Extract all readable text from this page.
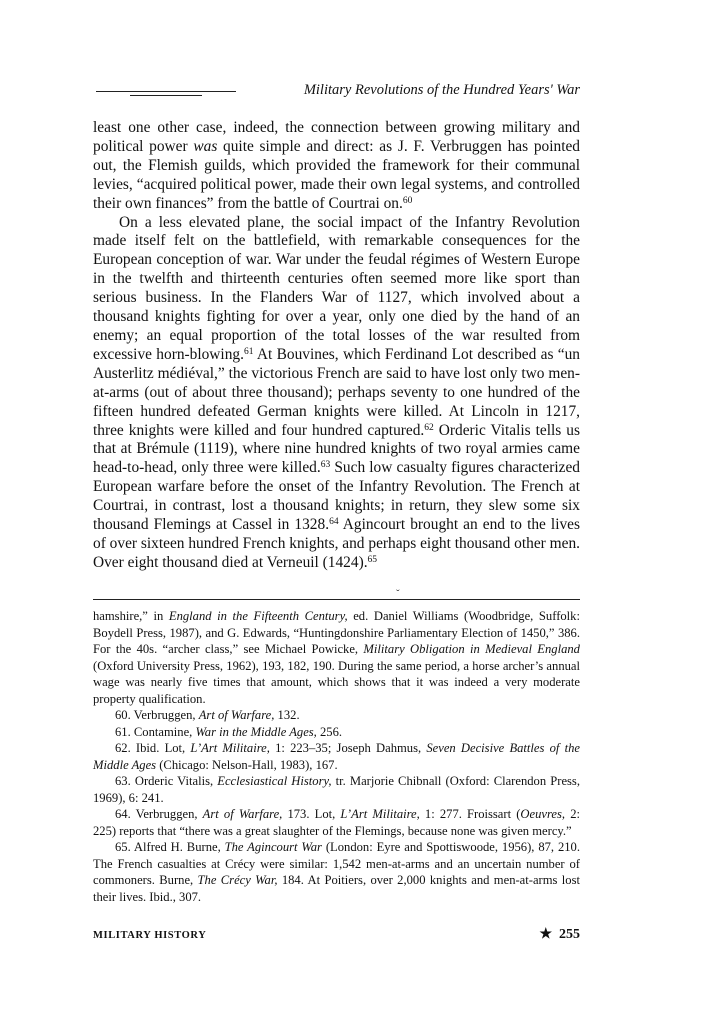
Military Revolutions of the Hundred Years' War

least one other case, indeed, the connection between growing military and political power was quite simple and direct: as J. F. Verbruggen has pointed out, the Flemish guilds, which provided the framework for their communal levies, “acquired political power, made their own legal systems, and controlled their own finances” from the battle of Courtrai on.$^{60}$

On a less elevated plane, the social impact of the Infantry Revolution made itself felt on the battlefield, with remarkable consequences for the European conception of war. War under the feudal régimes of Western Europe in the twelfth and thirteenth centuries often seemed more like sport than serious business. In the Flanders War of 1127, which involved about a thousand knights fighting for over a year, only one died by the hand of an enemy; an equal proportion of the total losses of the war resulted from excessive horn-blowing.$^{61}$ At Bouvines, which Ferdinand Lot described as “un Austerlitz médiéval,” the victorious French are said to have lost only two men-at-arms (out of about three thousand); perhaps seventy to one hundred of the fifteen hundred defeated German knights were killed. At Lincoln in 1217, three knights were killed and four hundred captured.$^{62}$ Orderic Vitalis tells us that at Brémule (1119), where nine hundred knights of two royal armies came head-to-head, only three were killed.$^{63}$ Such low casualty figures characterized European warfare before the onset of the Infantry Revolution. The French at Courtrai, in contrast, lost a thousand knights; in return, they slew some six thousand Flemings at Cassel in 1328.64 Agincourt brought an end to the lives of over sixteen hundred French knights, and perhaps eight thousand other men. Over eight thousand died at Verneuil (1424).$^{65}$

ˇ

hamshire,” in England in the Fifteenth Century, ed. Daniel Williams (Woodbridge, Suffolk: Boydell Press, 1987), and G. Edwards, “Huntingdonshire Parliamentary Election of 1450,” 386. For the 40s. “archer class,” see Michael Powicke, Military Obligation in Medieval England (Oxford University Press, 1962), 193, 182, 190. During the same period, a horse archer’s annual wage was nearly five times that amount, which shows that it was indeed a very moderate property qualification.

60. Verbruggen, Art of Warfare, 132.

61. Contamine, War in the Middle Ages, 256.

62. Ibid. Lot, L’Art Militaire, 1: 223–35; Joseph Dahmus, Seven Decisive Battles of the Middle Ages (Chicago: Nelson-Hall, 1983), 167.

63. Orderic Vitalis, Ecclesiastical History, tr. Marjorie Chibnall (Oxford: Clarendon Press, 1969), 6: 241.

64. Verbruggen, Art of Warfare, 173. Lot, L’Art Militaire, 1: 277. Froissart (Oeuvres, 2: 225) reports that “there was a great slaughter of the Flemings, because none was given mercy.”

65. Alfred H. Burne, The Agincourt War (London: Eyre and Spottiswoode, 1956), 87, 210. The French casualties at Crécy were similar: 1,542 men-at-arms and an uncertain number of commoners. Burne, The Crécy War, 184. At Poitiers, over 2,000 knights and men-at-arms lost their lives. Ibid., 307.

MILITARY HISTORY	★ 255
